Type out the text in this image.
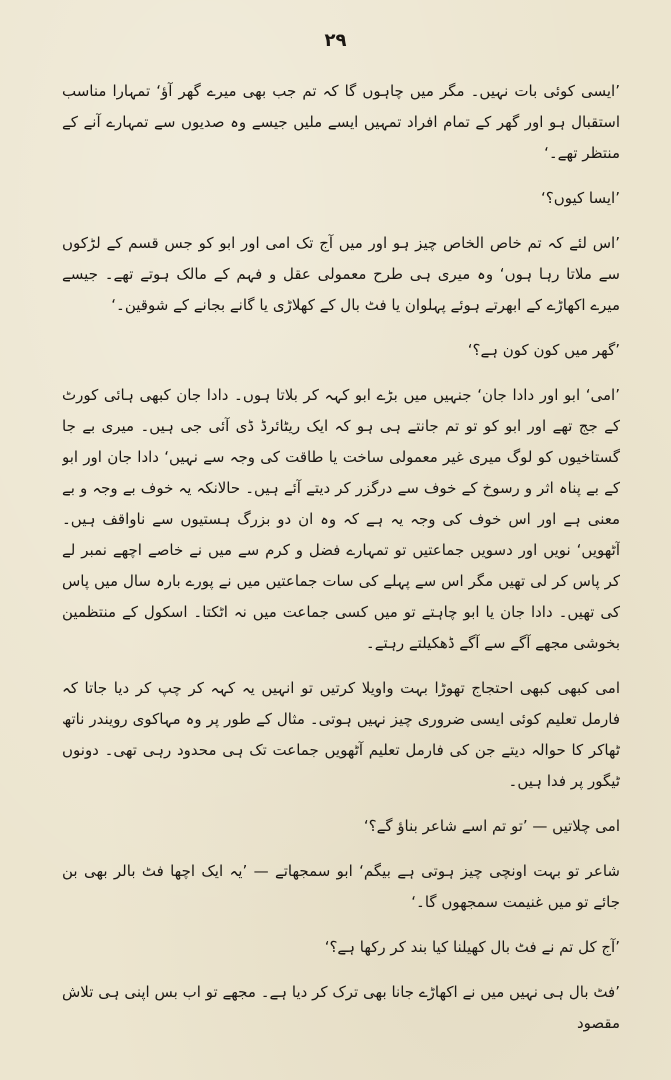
۲۹

’ایسی کوئی بات نہیں۔ مگر میں چاہوں گا کہ تم جب بھی میرے گھر آؤ‘ تمہارا مناسب استقبال ہو اور گھر کے تمام افراد تمہیں ایسے ملیں جیسے وہ صدیوں سے تمہارے آنے کے منتظر تھے۔‘

’ایسا کیوں؟‘

’اس لئے کہ تم خاص الخاص چیز ہو اور میں آج تک امی اور ابو کو جس قسم کے لڑکوں سے ملاتا رہا ہوں‘ وہ میری ہی طرح معمولی عقل و فہم کے مالک ہوتے تھے۔ جیسے میرے اکھاڑے کے ابھرتے ہوئے پہلوان یا فٹ بال کے کھلاڑی یا گانے بجانے کے شوقین۔‘

’گھر میں کون کون ہے؟‘

’امی‘ ابو اور دادا جان‘ جنہیں میں بڑے ابو کہہ کر بلاتا ہوں۔ دادا جان کبھی ہائی کورٹ کے جج تھے اور ابو کو تو تم جانتے ہی ہو کہ ایک ریٹائرڈ ڈی آئی جی ہیں۔ میری بے جا گستاخیوں کو لوگ میری غیر معمولی ساخت یا طاقت کی وجہ سے نہیں‘ دادا جان اور ابو کے بے پناہ اثر و رسوخ کے خوف سے درگزر کر دیتے آئے ہیں۔ حالانکہ یہ خوف بے وجہ و بے معنی ہے اور اس خوف کی وجہ یہ ہے کہ وہ ان دو بزرگ ہستیوں سے ناواقف ہیں۔ آٹھویں‘ نویں اور دسویں جماعتیں تو تمہارے فضل و کرم سے میں نے خاصے اچھے نمبر لے کر پاس کر لی تھیں مگر اس سے پہلے کی سات جماعتیں میں نے پورے بارہ سال میں پاس کی تھیں۔ دادا جان یا ابو چاہتے تو میں کسی جماعت میں نہ اٹکتا۔ اسکول کے منتظمین بخوشی مجھے آگے سے آگے ڈھکیلتے رہتے۔

امی کبھی کبھی احتجاج تھوڑا بہت واویلا کرتیں تو انہیں یہ کہہ کر چپ کر دیا جاتا کہ فارمل تعلیم کوئی ایسی ضروری چیز نہیں ہوتی۔ مثال کے طور پر وہ مہاکوی رویندر ناتھ ٹھاکر کا حوالہ دیتے جن کی فارمل تعلیم آٹھویں جماعت تک ہی محدود رہی تھی۔ دونوں ٹیگور پر فدا ہیں۔

امی چلاتیں — ’تو تم اسے شاعر بناؤ گے؟‘

شاعر تو بہت اونچی چیز ہوتی ہے بیگم‘ ابو سمجھاتے — ’یہ ایک اچھا فٹ بالر بھی بن جائے تو میں غنیمت سمجھوں گا۔‘

’آج کل تم نے فٹ بال کھیلنا کیا بند کر رکھا ہے؟‘

’فٹ بال ہی نہیں میں نے اکھاڑے جانا بھی ترک کر دیا ہے۔ مجھے تو اب بس اپنی ہی تلاش مقصود
